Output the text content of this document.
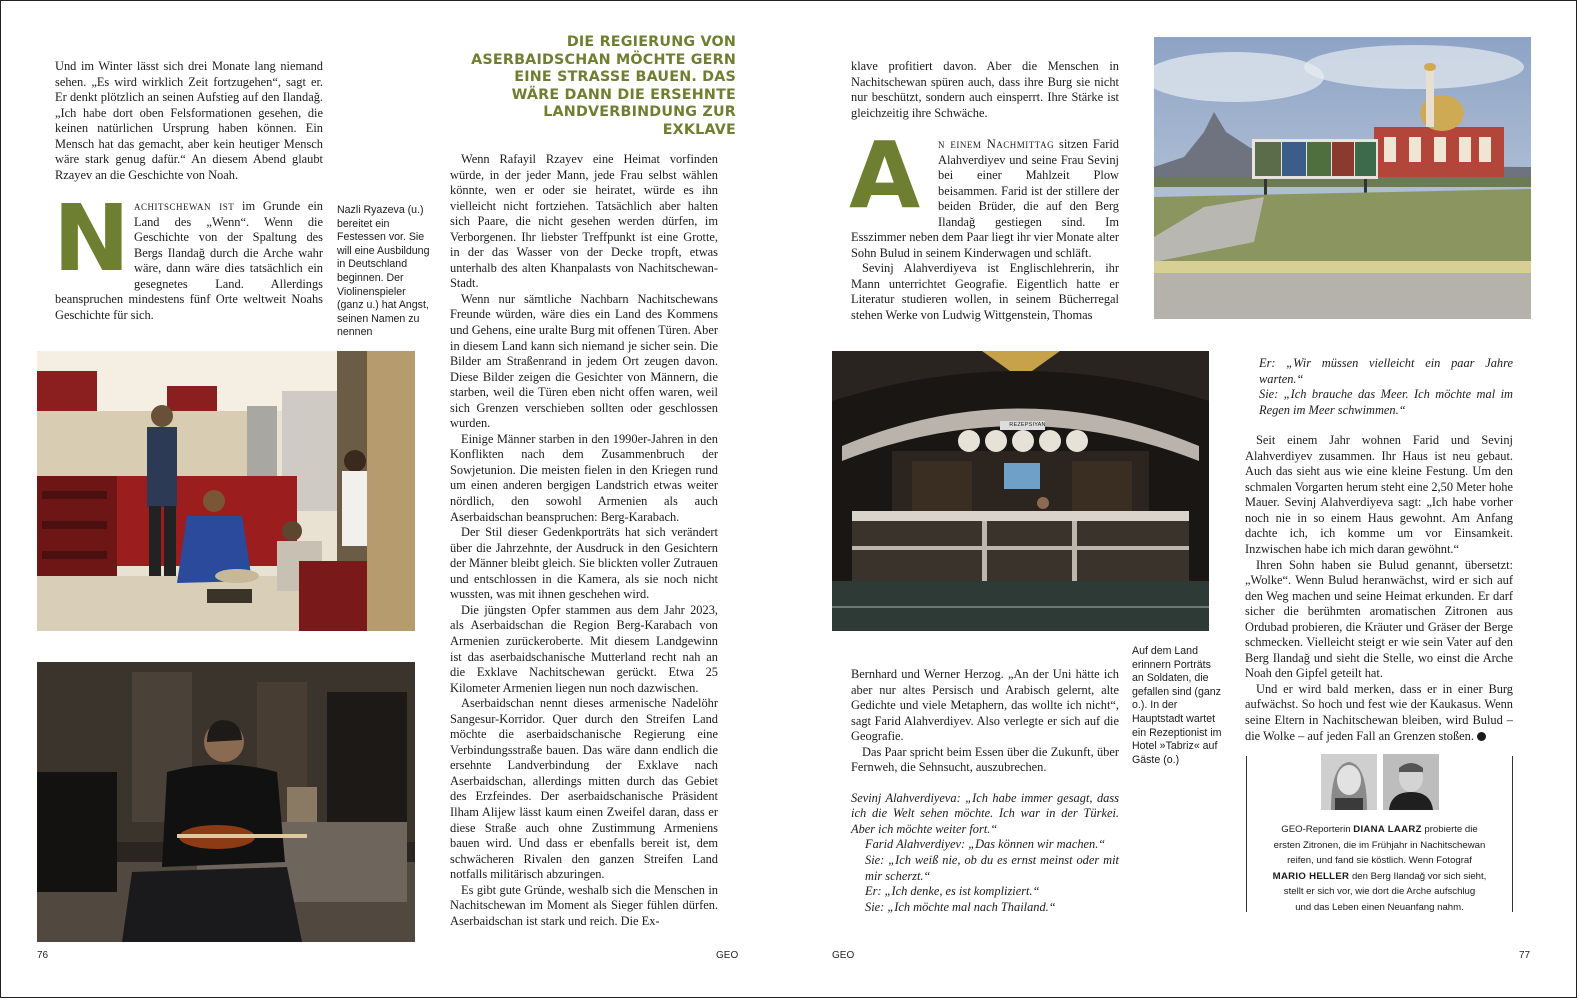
Und im Winter lässt sich drei Monate lang niemand sehen. „Es wird wirklich Zeit fortzugehen“, sagt er. Er denkt plötzlich an seinen Aufstieg auf den Ilandağ. „Ich habe dort oben Felsformationen gesehen, die keinen natürlichen Ursprung haben können. Ein Mensch hat das gemacht, aber kein heutiger Mensch wäre stark genug dafür.“ An diesem Abend glaubt Rzayev an die Geschichte von Noah.

N achitschewan ist im Grunde ein Land des „Wenn“. Wenn die Geschichte von der Spaltung des Bergs Ilandağ durch die Arche wahr wäre, dann wäre dies tatsächlich ein gesegnetes Land. Allerdings beanspruchen mindestens fünf Orte weltweit Noahs Geschichte für sich.

Nazli Ryazeva (u.) bereitet ein Festessen vor. Sie will eine Ausbildung in Deutschland beginnen. Der Violinenspieler (ganz u.) hat Angst, seinen Namen zu nennen
DIE REGIERUNG VON ASERBAIDSCHAN MÖCHTE GERN EINE STRASSE BAUEN. DAS WÄRE DANN DIE ERSEHNTE LANDVERBINDUNG ZUR EXKLAVE

Wenn Rafayil Rzayev eine Heimat vorfinden würde, in der jeder Mann, jede Frau selbst wählen könnte, wen er oder sie heiratet, würde es ihn vielleicht nicht fortziehen. Tatsächlich aber halten sich Paare, die nicht gesehen werden dürfen, im Verborgenen. Ihr liebster Treffpunkt ist eine Grotte, in der das Wasser von der Decke tropft, etwas unterhalb des alten Khanpalasts von Nachitschewan-Stadt.

Wenn nur sämtliche Nachbarn Nachitschewans Freunde würden, wäre dies ein Land des Kommens und Gehens, eine uralte Burg mit offenen Türen. Aber in diesem Land kann sich niemand je sicher sein. Die Bilder am Straßenrand in jedem Ort zeugen davon. Diese Bilder zeigen die Gesichter von Männern, die starben, weil die Türen eben nicht offen waren, weil sich Grenzen verschieben sollten oder geschlossen wurden.

Einige Männer starben in den 1990er-Jahren in den Konflikten nach dem Zusammenbruch der Sowjetunion. Die meisten fielen in den Kriegen rund um einen anderen bergigen Landstrich etwas weiter nördlich, den sowohl Armenien als auch Aserbaidschan beanspruchen: Berg-Karabach.

Der Stil dieser Gedenkporträts hat sich verändert über die Jahrzehnte, der Ausdruck in den Gesichtern der Männer bleibt gleich. Sie blickten voller Zutrauen und entschlossen in die Kamera, als sie noch nicht wussten, was mit ihnen geschehen wird.

Die jüngsten Opfer stammen aus dem Jahr 2023, als Aserbaidschan die Region Berg-Karabach von Armenien zurückeroberte. Mit diesem Landgewinn ist das aserbaidschanische Mutterland recht nah an die Exklave Nachitschewan gerückt. Etwa 25 Kilometer Armenien liegen nun noch dazwischen.

Aserbaidschan nennt dieses armenische Nadelöhr Sangesur-Korridor. Quer durch den Streifen Land möchte die aserbaidschanische Regierung eine Verbindungsstraße bauen. Das wäre dann endlich die ersehnte Landverbindung der Exklave nach Aserbaidschan, allerdings mitten durch das Gebiet des Erzfeindes. Der aserbaidschanische Präsident Ilham Alijew lässt kaum einen Zweifel daran, dass er diese Straße auch ohne Zustimmung Armeniens bauen wird. Und dass er ebenfalls bereit ist, dem schwächeren Rivalen den ganzen Streifen Land notfalls militärisch abzuringen.

Es gibt gute Gründe, weshalb sich die Menschen in Nachitschewan im Moment als Sieger fühlen dürfen. Aserbaidschan ist stark und reich. Die Ex-

76	GEO

klave profitiert davon. Aber die Menschen in Nachitschewan spüren auch, dass ihre Burg sie nicht nur beschützt, sondern auch einsperrt. Ihre Stärke ist gleichzeitig ihre Schwäche.

A	n einem Nachmittag sitzen Farid Alahverdiyev und seine Frau Sevinj bei einer Mahlzeit Plow beisammen. Farid ist der stillere der beiden Brüder, die auf den Berg Ilandağ gestiegen sind. Im Esszimmer neben dem Paar liegt ihr vier Monate alter Sohn Bulud in seinem Kinderwagen und schläft.

Sevinj Alahverdiyeva ist Englischlehrerin, ihr Mann unterrichtet Geografie. Eigentlich hatte er Literatur studieren wollen, in seinem Bücherregal stehen Werke von Ludwig Wittgenstein, Thomas

REZEPSIYAN
Auf dem Land erinnern Porträts an Soldaten, die gefallen sind (ganz o.). In der Hauptstadt wartet ein Rezeptionist im Hotel »Tabriz« auf Gäste (o.)

Bernhard und Werner Herzog. „An der Uni hätte ich aber nur altes Persisch und Arabisch gelernt, alte Gedichte und viele Metaphern, das wollte ich nicht“, sagt Farid Alahverdiyev. Also verlegte er sich auf die Geografie.

Das Paar spricht beim Essen über die Zukunft, über Fernweh, die Sehnsucht, auszubrechen.

Sevinj Alahverdiyeva: „Ich habe immer gesagt, dass ich die Welt sehen möchte. Ich war in der Türkei. Aber ich möchte weiter fort.“

Farid Alahverdiyev: „Das können wir machen.“

Sie: „Ich weiß nie, ob du es ernst meinst oder mit mir scherzt.“

Er: „Ich denke, es ist kompliziert.“

Sie: „Ich möchte mal nach Thailand.“

Er: „Wir müssen vielleicht ein paar Jahre warten.“

Sie: „Ich brauche das Meer. Ich möchte mal im Regen im Meer schwimmen.“

Seit einem Jahr wohnen Farid und Sevinj Alahverdiyev zusammen. Ihr Haus ist neu gebaut. Auch das sieht aus wie eine kleine Festung. Um den schmalen Vorgarten herum steht eine 2,50 Meter hohe Mauer. Sevinj Alahverdiyeva sagt: „Ich habe vorher noch nie in so einem Haus gewohnt. Am Anfang dachte ich, ich komme um vor Einsamkeit. Inzwischen habe ich mich daran gewöhnt.“

Ihren Sohn haben sie Bulud genannt, übersetzt: „Wolke“. Wenn Bulud heranwächst, wird er sich auf den Weg machen und seine Heimat erkunden. Er darf sicher die berühmten aromatischen Zitronen aus Ordubad probieren, die Kräuter und Gräser der Berge schmecken. Vielleicht steigt er wie sein Vater auf den Berg Ilandağ und sieht die Stelle, wo einst die Arche Noah den Gipfel geteilt hat.

Und er wird bald merken, dass er in einer Burg aufwächst. So hoch und fest wie der Kaukasus. Wenn seine Eltern in Nachitschewan bleiben, wird Bulud – die Wolke – auf jeden Fall an Grenzen stoßen.

GEO-Reporterin DIANA LAARZ probierte die
ersten Zitronen, die im Frühjahr in Nachitschewan
reifen, und fand sie köstlich. Wenn Fotograf
MARIO HELLER den Berg Ilandağ vor sich sieht,
stellt er sich vor, wie dort die Arche aufschlug
und das Leben einen Neuanfang nahm.
GEO	77
